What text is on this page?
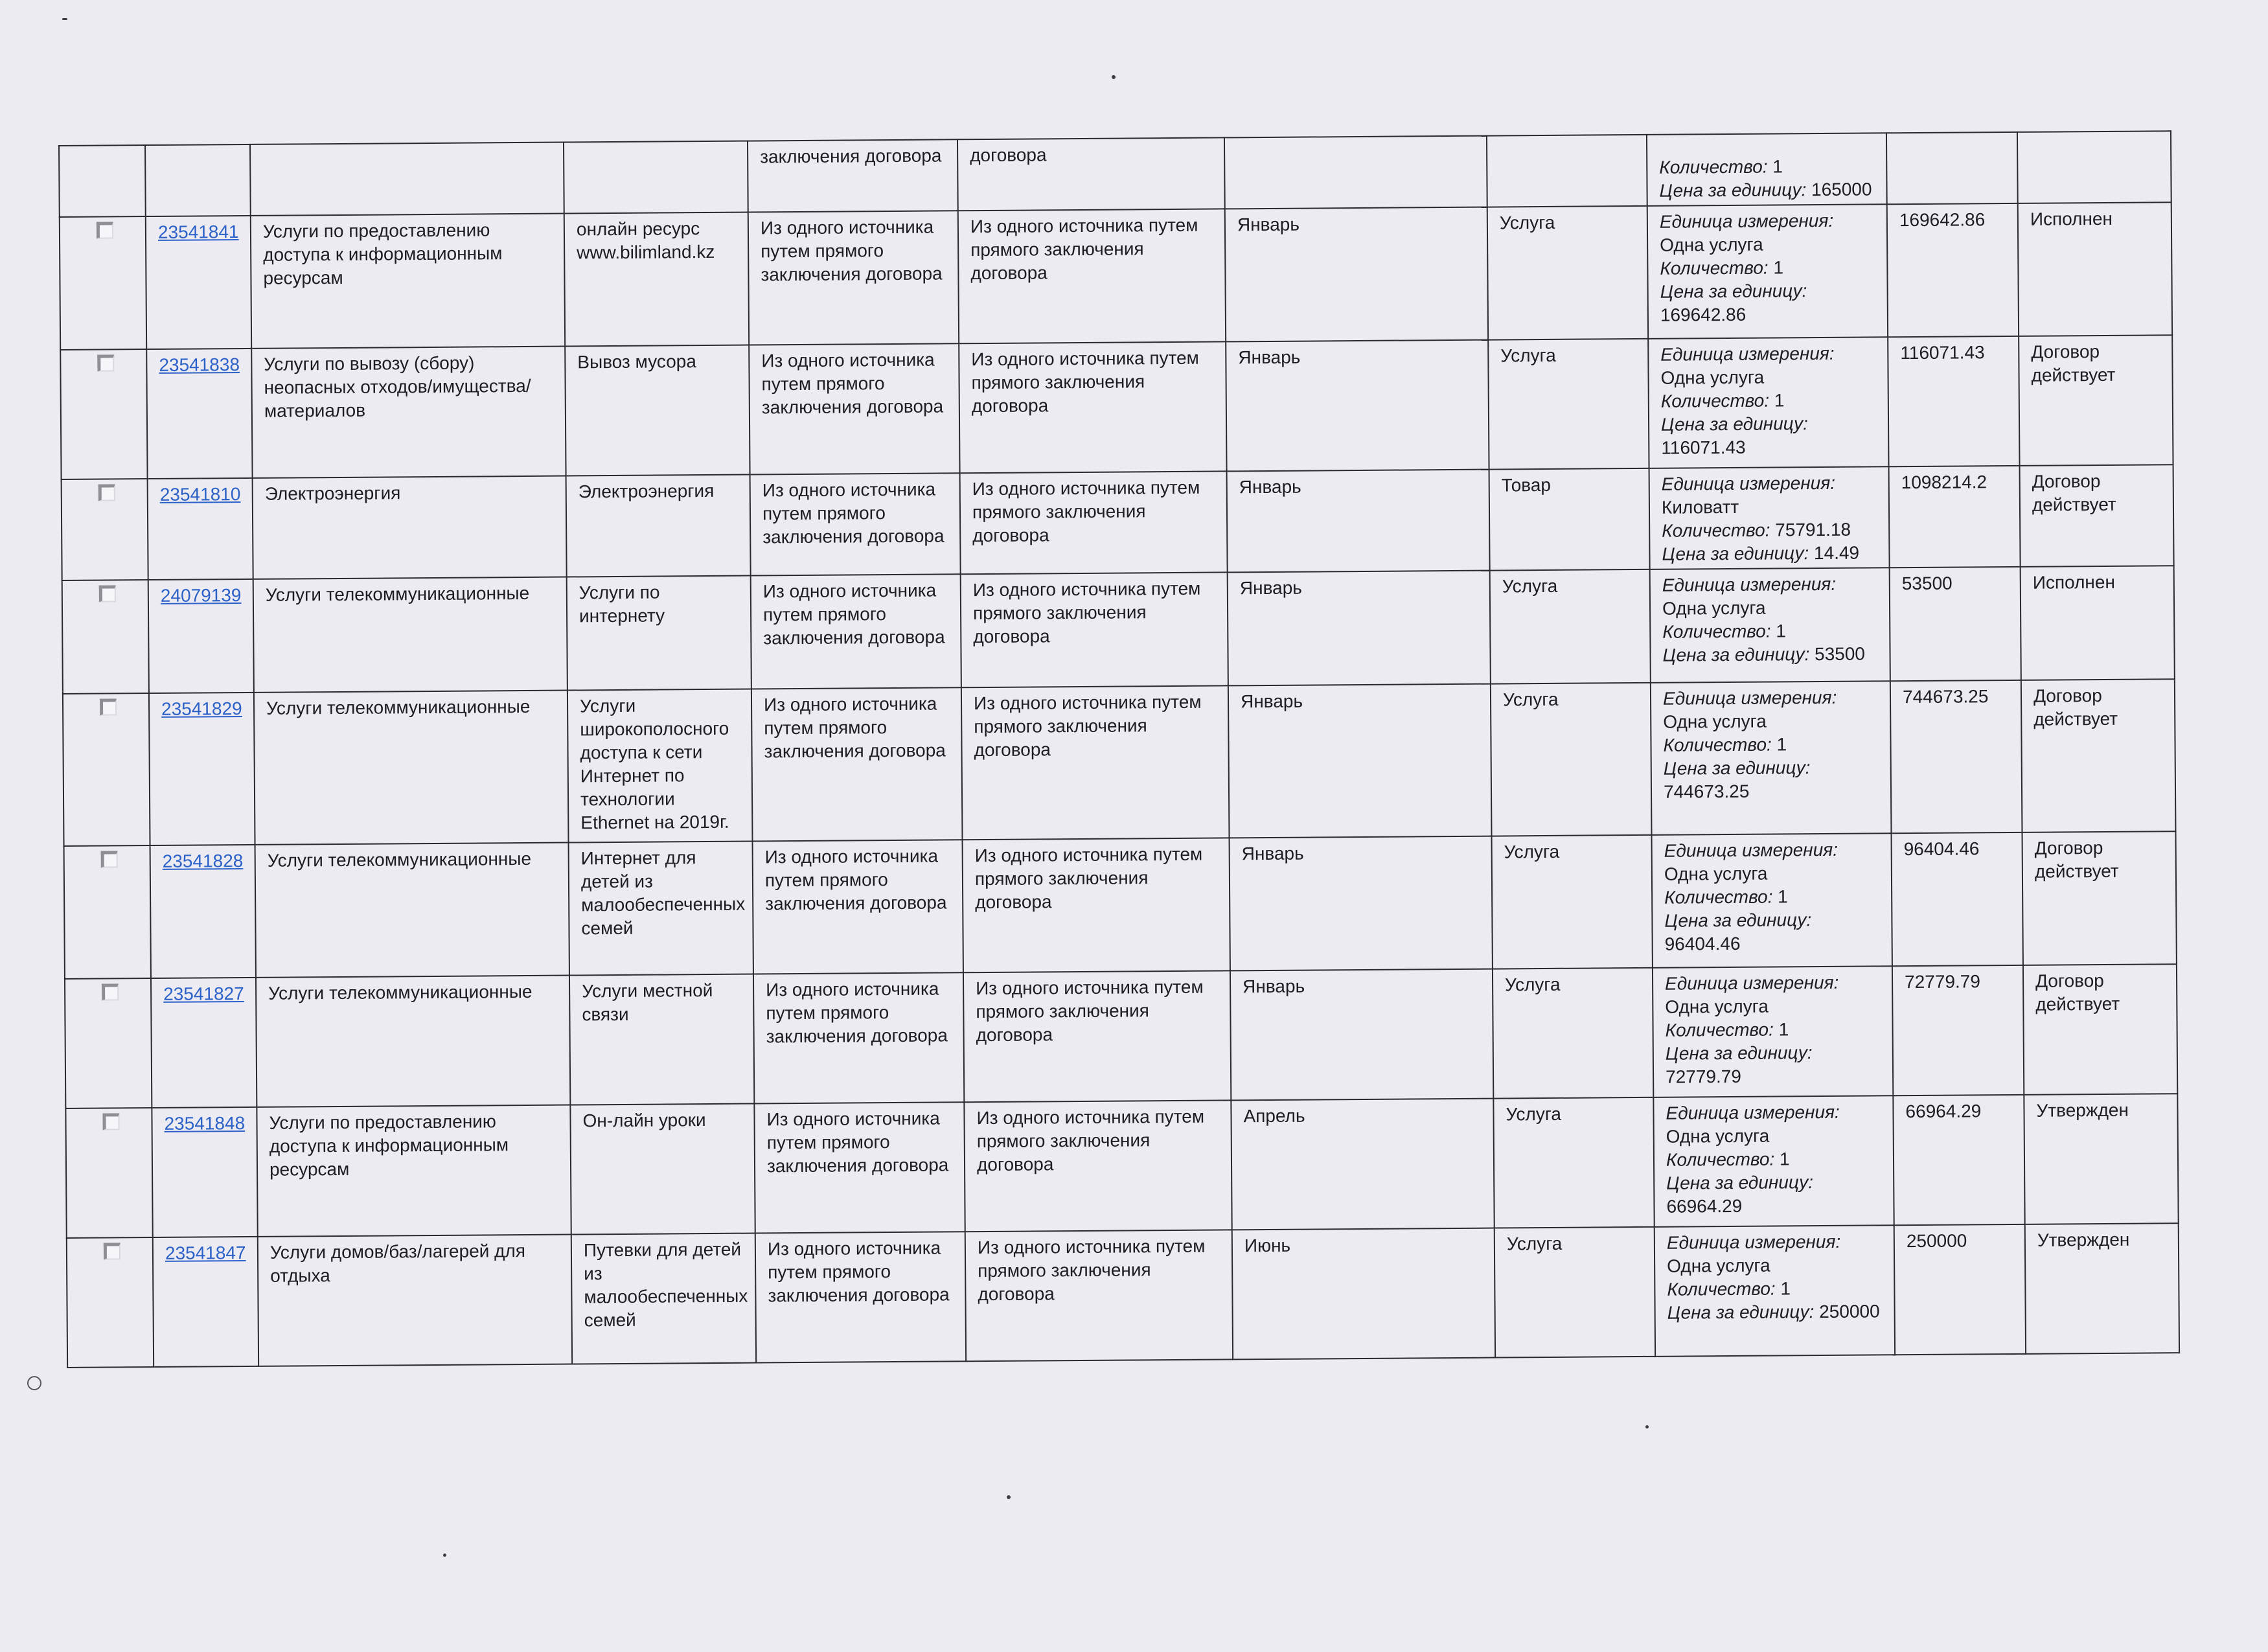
				заключения договора	договора			Количество: 1
Цена за единицу: 165000		

	23541841	Услуги по предоставлению доступа к информационным ресурсам	онлайн ресурс www.bilimland.kz	Из одного источника путем прямого заключения договора	Из одного источника путем прямого заключения договора	Январь	Услуга	Единица измерения: Одна услуга
Количество: 1
Цена за единицу: 169642.86	169642.86	Исполнен
	23541838	Услуги по вывозу (сбору) неопасных отходов/имущества/материалов	Вывоз мусора	Из одного источника путем прямого заключения договора	Из одного источника путем прямого заключения договора	Январь	Услуга	Единица измерения: Одна услуга
Количество: 1
Цена за единицу: 116071.43	116071.43	Договор действует
	23541810	Электроэнергия	Электроэнергия	Из одного источника путем прямого заключения договора	Из одного источника путем прямого заключения договора	Январь	Товар	Единица измерения: Киловатт
Количество: 75791.18
Цена за единицу: 14.49	1098214.2	Договор действует
	24079139	Услуги телекоммуникационные	Услуги по интернету	Из одного источника путем прямого заключения договора	Из одного источника путем прямого заключения договора	Январь	Услуга	Единица измерения: Одна услуга
Количество: 1
Цена за единицу: 53500	53500	Исполнен
	23541829	Услуги телекоммуникационные	Услуги широкополосного доступа к сети Интернет по технологии Ethernet на 2019г.	Из одного источника путем прямого заключения договора	Из одного источника путем прямого заключения договора	Январь	Услуга	Единица измерения: Одна услуга
Количество: 1
Цена за единицу: 744673.25	744673.25	Договор действует
	23541828	Услуги телекоммуникационные	Интернет для детей из малообеспеченных семей	Из одного источника путем прямого заключения договора	Из одного источника путем прямого заключения договора	Январь	Услуга	Единица измерения: Одна услуга
Количество: 1
Цена за единицу: 96404.46	96404.46	Договор действует
	23541827	Услуги телекоммуникационные	Услуги местной связи	Из одного источника путем прямого заключения договора	Из одного источника путем прямого заключения договора	Январь	Услуга	Единица измерения: Одна услуга
Количество: 1
Цена за единицу: 72779.79	72779.79	Договор действует
	23541848	Услуги по предоставлению доступа к информационным ресурсам	Он-лайн уроки	Из одного источника путем прямого заключения договора	Из одного источника путем прямого заключения договора	Апрель	Услуга	Единица измерения: Одна услуга
Количество: 1
Цена за единицу: 66964.29	66964.29	Утвержден
	23541847	Услуги домов/баз/лагерей для отдыха	Путевки для детей из малообеспеченных семей	Из одного источника путем прямого заключения договора	Из одного источника путем прямого заключения договора	Июнь	Услуга	Единица измерения: Одна услуга
Количество: 1
Цена за единицу: 250000	250000	Утвержден
